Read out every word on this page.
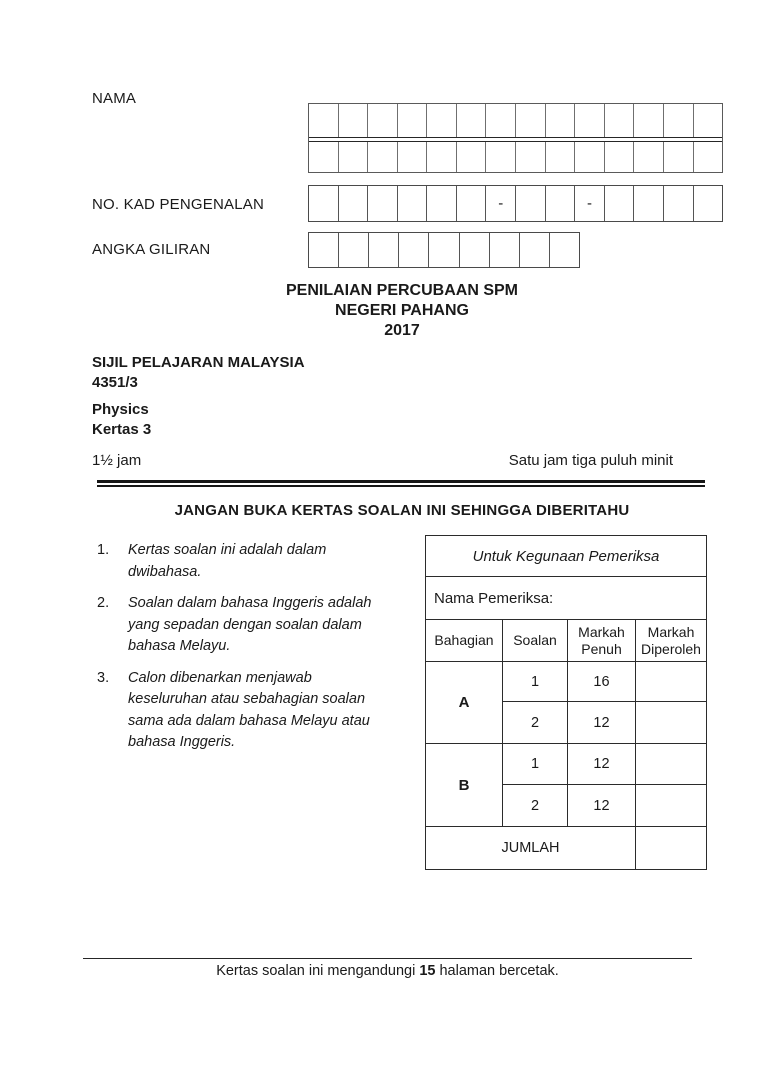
NAMA
NO. KAD PENGENALAN	-	-
ANGKA GILIRAN
PENILAIAN PERCUBAAN SPM
NEGERI PAHANG
2017
SIJIL PELAJARAN MALAYSIA
4351/3
Physics
Kertas 3
1½ jam	Satu jam tiga puluh minit
JANGAN BUKA KERTAS SOALAN INI SEHINGGA DIBERITAHU
1.	Kertas soalan ini adalah dalam dwibahasa.
2.	Soalan dalam bahasa Inggeris adalah yang sepadan dengan soalan dalam bahasa Melayu.
3.	Calon dibenarkan menjawab keseluruhan atau sebahagian soalan sama ada dalam bahasa Melayu atau bahasa Inggeris.
Untuk Kegunaan Pemeriksa			
Nama Pemeriksa:			
Bahagian	Soalan	Markah Penuh	Markah Diperoleh
A	1	16	
	2	12	
B	1	12	
	2	12	
JUMLAH			
Kertas soalan ini mengandungi 15 halaman bercetak.
